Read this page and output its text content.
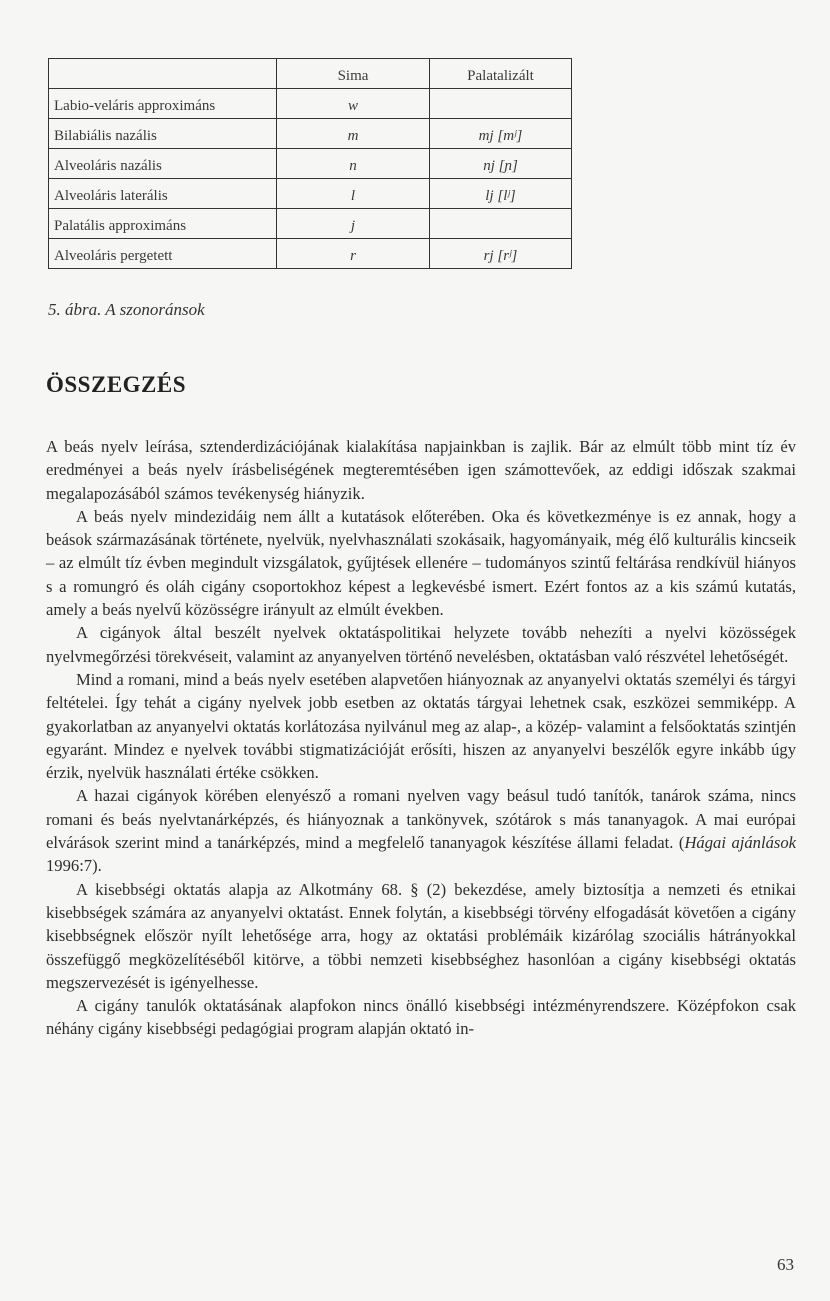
	Sima	Palatalizált
Labio-veláris approximáns	w	
Bilabiális nazális	m	mj [mʲ]
Alveoláris nazális	n	nj [ɲ]
Alveoláris laterális	l	lj [lʲ]
Palatális approximáns	j	
Alveoláris pergetett	r	rj [rʲ]
5. ábra. A szonoránsok
ÖSSZEGZÉS

A beás nyelv leírása, sztenderdizációjának kialakítása napjainkban is zajlik. Bár az elmúlt több mint tíz év eredményei a beás nyelv írásbeliségének megteremtésében igen számottevőek, az eddigi időszak szakmai megalapozásából számos tevékenység hiányzik.

A beás nyelv mindezidáig nem állt a kutatások előterében. Oka és következménye is ez annak, hogy a beások származásának története, nyelvük, nyelvhasználati szokásaik, hagyományaik, még élő kulturális kincseik – az elmúlt tíz évben megindult vizsgálatok, gyűjtések ellenére – tudományos szintű feltárása rendkívül hiányos s a romungró és oláh cigány csoportokhoz képest a legkevésbé ismert. Ezért fontos az a kis számú kutatás, amely a beás nyelvű közösségre irányult az elmúlt években.

A cigányok által beszélt nyelvek oktatáspolitikai helyzete tovább nehezíti a nyelvi közösségek nyelvmegőrzési törekvéseit, valamint az anyanyelven történő nevelésben, oktatásban való részvétel lehetőségét.

Mind a romani, mind a beás nyelv esetében alapvetően hiányoznak az anyanyelvi oktatás személyi és tárgyi feltételei. Így tehát a cigány nyelvek jobb esetben az oktatás tárgyai lehetnek csak, eszközei semmiképp. A gyakorlatban az anyanyelvi oktatás korlátozása nyilvánul meg az alap-, a közép- valamint a felsőoktatás szintjén egyaránt. Mindez e nyelvek további stigmatizációját erősíti, hiszen az anyanyelvi beszélők egyre inkább úgy érzik, nyelvük használati értéke csökken.

A hazai cigányok körében elenyésző a romani nyelven vagy beásul tudó tanítók, tanárok száma, nincs romani és beás nyelvtanárképzés, és hiányoznak a tankönyvek, szótárok s más tananyagok. A mai európai elvárások szerint mind a tanárképzés, mind a megfelelő tananyagok készítése állami feladat. (Hágai ajánlások 1996:7).

A kisebbségi oktatás alapja az Alkotmány 68. § (2) bekezdése, amely biztosítja a nemzeti és etnikai kisebbségek számára az anyanyelvi oktatást. Ennek folytán, a kisebbségi törvény elfogadását követően a cigány kisebbségnek először nyílt lehetősége arra, hogy az oktatási problémáik kizárólag szociális hátrányokkal összefüggő megközelítéséből kitörve, a többi nemzeti kisebbséghez hasonlóan a cigány kisebbségi oktatás megszervezését is igényelhesse.

A cigány tanulók oktatásának alapfokon nincs önálló kisebbségi intézményrendszere. Középfokon csak néhány cigány kisebbségi pedagógiai program alapján oktató in-

63
